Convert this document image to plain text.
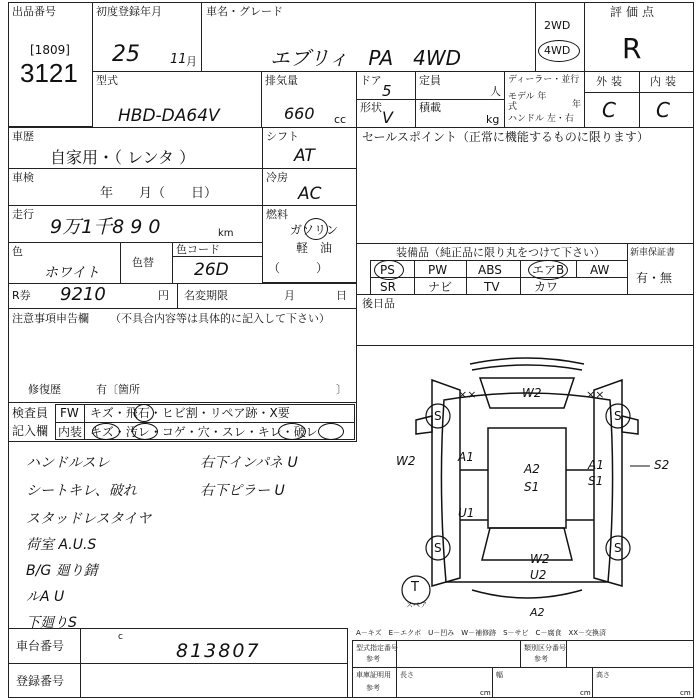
出品番号
[1809]
3121
初度登録年月
25 11 月
車名・グレード
エブリィ　PA　4WD
2WD
4WD
評価点
R
型式
HBD-DA64V
排気量
660 cc
ドア
5
形状
V
定員
人
積載
kg
ディーラー・並行
モデル 年式	年
ハンドル 左・右
外装 内装
C C
車歴
自家用・（ レンタ ）
シフト
AT
セールスポイント（正常に機能するものに限ります）
車検
年　　月（　　日）
冷房
AC
走行
9万1千8 9 0	km
燃料
ガソリン
軽　油
（　　　）
色
ホワイト
色替
色コード
26D
R券 9210	円 名変期限	月	日
装備品（純正品に限り丸をつけて下さい）
PS	PW	ABS	エアB AW
SR	ナビ	TV	カワ
新車保証書
有・無
後日品
注意事項申告欄 （不具合内容等は具体的に記入して下さい）
修復歴	有〔箇所	〕
検査員
記入欄
FW キズ・飛石・ヒビ割・リペア跡・X要
内装 キズ・汚レ・コゲ・穴・スレ・キレ・破レ
ハンドルスレ
シートキレ、破れ
スタッドレスタイヤ
荷室 A.U.S
B/G 廻り錆
ルA U
下廻りS
右下インパネ U
右下ピラー U
××	××
W2
W2	A1
A1
A2
S1	S1
U1
S2
W2
U2
A2
S	S
S	S
T
スペア
A－キズ　E－エクボ　U－凹み　W－補修跡　S－サビ　C－腐食　XX－交換済
車台番号
c
813807
登録番号
型式指定番号
参考
類別区分番号
参考
車庫証明用
参考
長さ
cm
幅
cm
高さ
cm
